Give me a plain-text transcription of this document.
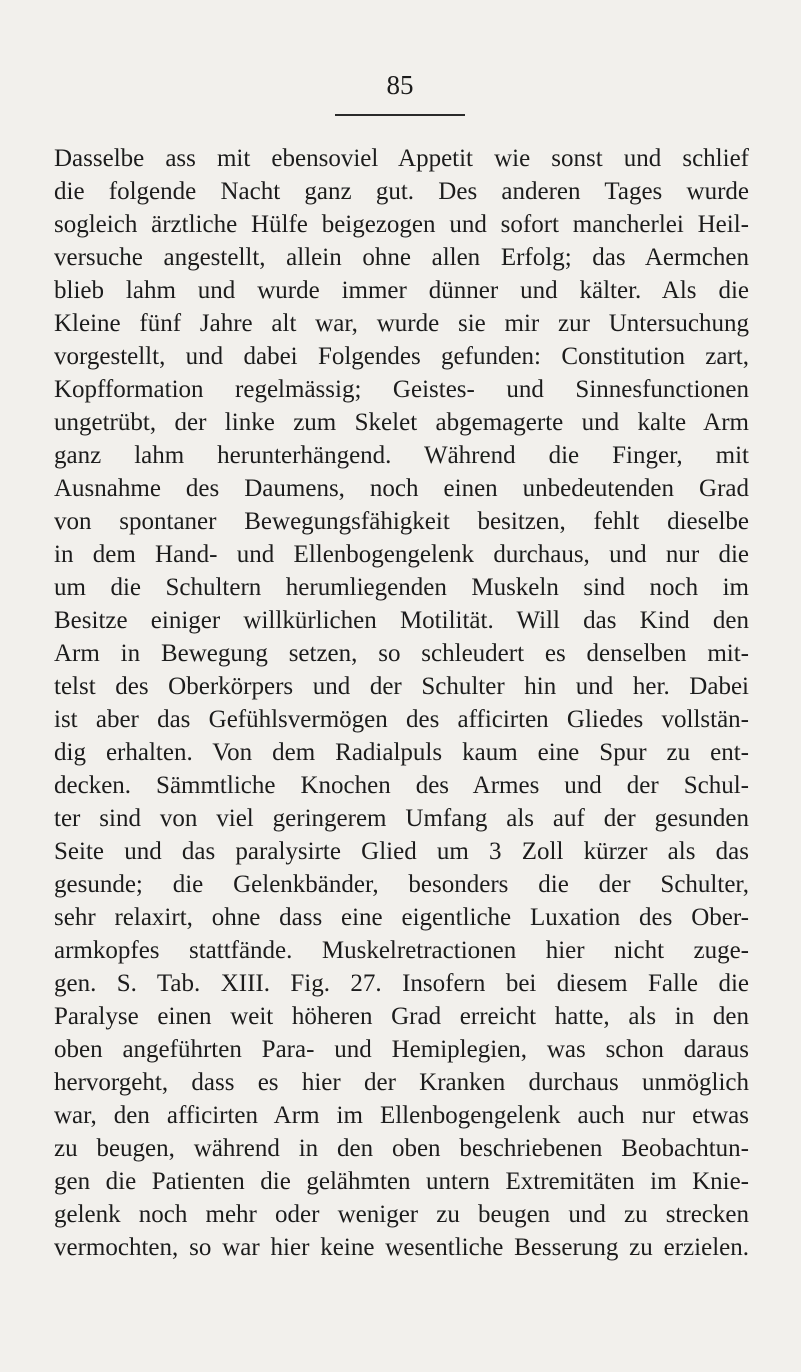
85
Dasselbe ass mit ebensoviel Appetit wie sonst und schlief
die folgende Nacht ganz gut. Des anderen Tages wurde
sogleich ärztliche Hülfe beigezogen und sofort mancherlei Heil-
versuche angestellt, allein ohne allen Erfolg; das Aermchen
blieb lahm und wurde immer dünner und kälter. Als die
Kleine fünf Jahre alt war, wurde sie mir zur Untersuchung
vorgestellt, und dabei Folgendes gefunden: Constitution zart,
Kopfformation regelmässig; Geistes- und Sinnesfunctionen
ungetrübt, der linke zum Skelet abgemagerte und kalte Arm
ganz lahm herunterhängend. Während die Finger, mit
Ausnahme des Daumens, noch einen unbedeutenden Grad
von spontaner Bewegungsfähigkeit besitzen, fehlt dieselbe
in dem Hand- und Ellenbogengelenk durchaus, und nur die
um die Schultern herumliegenden Muskeln sind noch im
Besitze einiger willkürlichen Motilität. Will das Kind den
Arm in Bewegung setzen, so schleudert es denselben mit-
telst des Oberkörpers und der Schulter hin und her. Dabei
ist aber das Gefühlsvermögen des afficirten Gliedes vollstän-
dig erhalten. Von dem Radialpuls kaum eine Spur zu ent-
decken. Sämmtliche Knochen des Armes und der Schul-
ter sind von viel geringerem Umfang als auf der gesunden
Seite und das paralysirte Glied um 3 Zoll kürzer als das
gesunde; die Gelenkbänder, besonders die der Schulter,
sehr relaxirt, ohne dass eine eigentliche Luxation des Ober-
armkopfes stattfände. Muskelretractionen hier nicht zuge-
gen. S. Tab. XIII. Fig. 27. Insofern bei diesem Falle die
Paralyse einen weit höheren Grad erreicht hatte, als in den
oben angeführten Para- und Hemiplegien, was schon daraus
hervorgeht, dass es hier der Kranken durchaus unmöglich
war, den afficirten Arm im Ellenbogengelenk auch nur etwas
zu beugen, während in den oben beschriebenen Beobachtun-
gen die Patienten die gelähmten untern Extremitäten im Knie-
gelenk noch mehr oder weniger zu beugen und zu strecken
vermochten, so war hier keine wesentliche Besserung zu erzielen.
